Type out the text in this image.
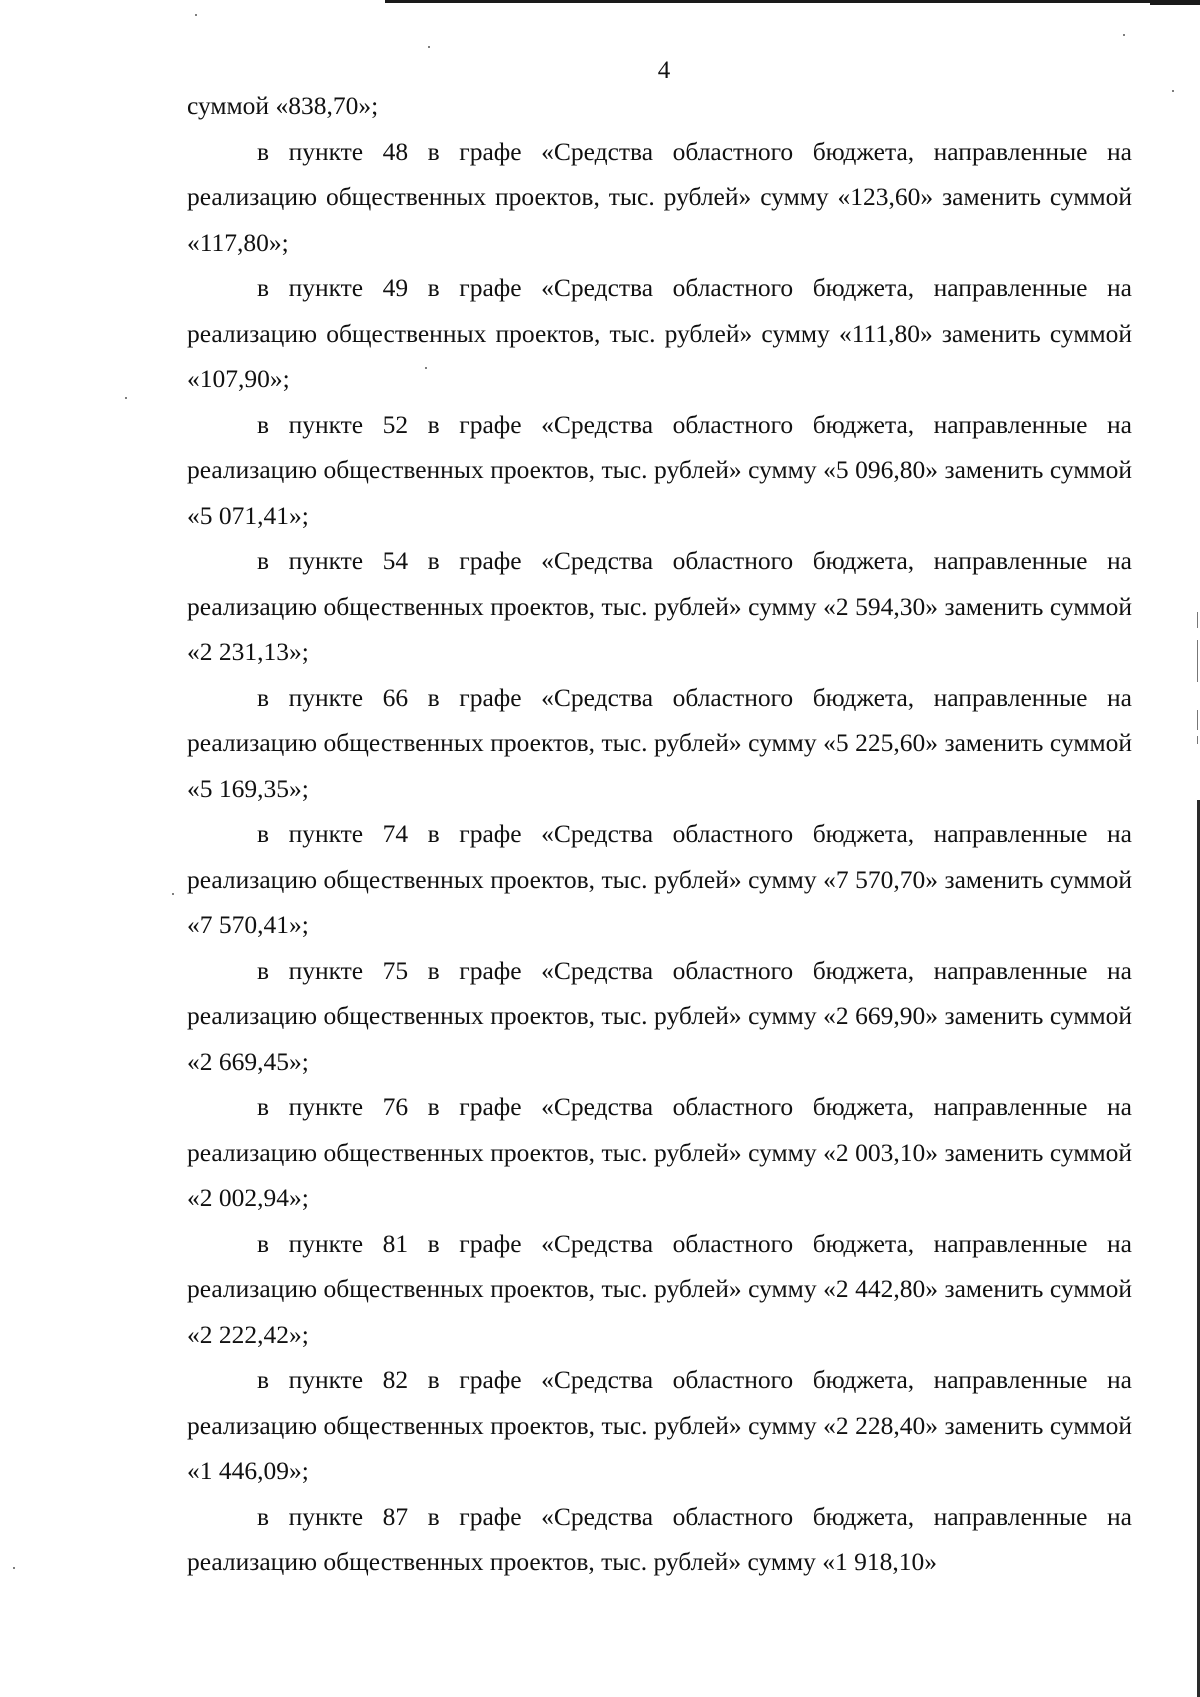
4

суммой «838,70»;

в пункте 48 в графе «Средства областного бюджета, направленные на реализацию общественных проектов, тыс. рублей» сумму «123,60» заменить суммой «117,80»;

в пункте 49 в графе «Средства областного бюджета, направленные на реализацию общественных проектов, тыс. рублей» сумму «111,80» заменить суммой «107,90»;

в пункте 52 в графе «Средства областного бюджета, направленные на реализацию общественных проектов, тыс. рублей» сумму «5 096,80» заменить суммой «5 071,41»;

в пункте 54 в графе «Средства областного бюджета, направленные на реализацию общественных проектов, тыс. рублей» сумму «2 594,30» заменить суммой «2 231,13»;

в пункте 66 в графе «Средства областного бюджета, направленные на реализацию общественных проектов, тыс. рублей» сумму «5 225,60» заменить суммой «5 169,35»;

в пункте 74 в графе «Средства областного бюджета, направленные на реализацию общественных проектов, тыс. рублей» сумму «7 570,70» заменить суммой «7 570,41»;

в пункте 75 в графе «Средства областного бюджета, направленные на реализацию общественных проектов, тыс. рублей» сумму «2 669,90» заменить суммой «2 669,45»;

в пункте 76 в графе «Средства областного бюджета, направленные на реализацию общественных проектов, тыс. рублей» сумму «2 003,10» заменить суммой «2 002,94»;

в пункте 81 в графе «Средства областного бюджета, направленные на реализацию общественных проектов, тыс. рублей» сумму «2 442,80» заменить суммой «2 222,42»;

в пункте 82 в графе «Средства областного бюджета, направленные на реализацию общественных проектов, тыс. рублей» сумму «2 228,40» заменить суммой «1 446,09»;

в пункте 87 в графе «Средства областного бюджета, направленные на реализацию общественных проектов, тыс. рублей» сумму «1 918,10»
